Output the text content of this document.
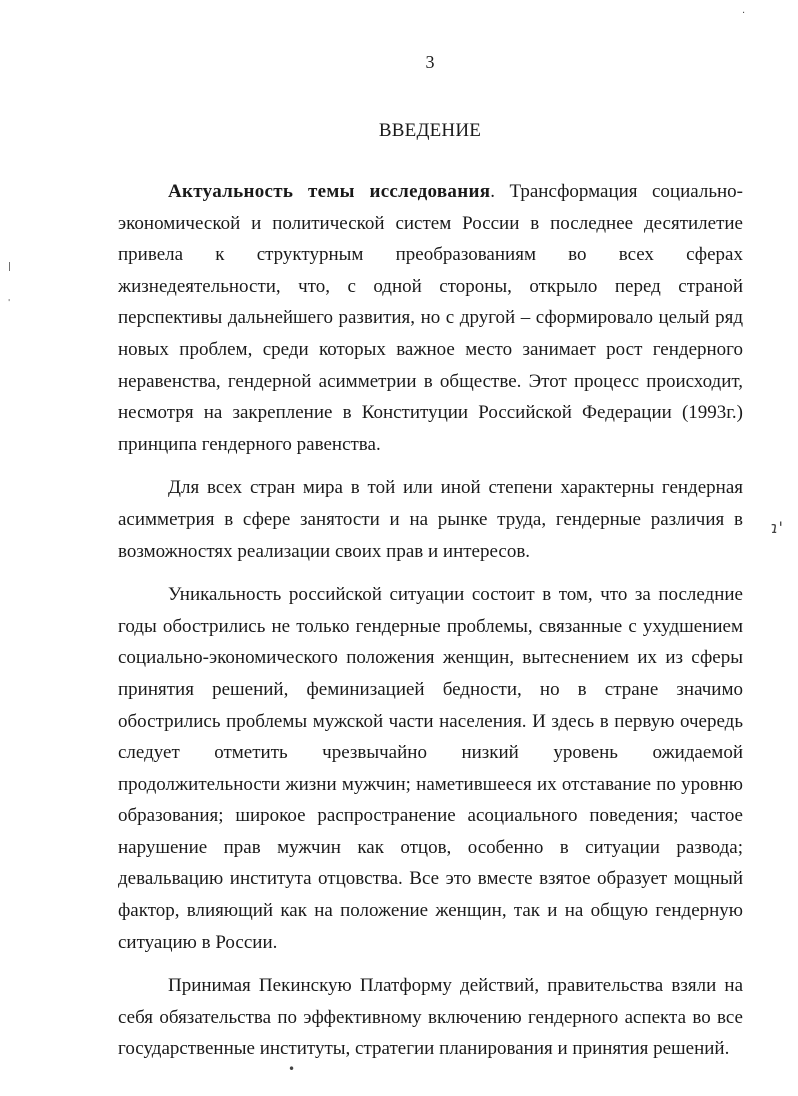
3
ВВЕДЕНИЕ

Актуальность темы исследования. Трансформация социально-экономической и политической систем России в последнее десятилетие привела к структурным преобразованиям во всех сферах жизнедеятельности, что, с одной стороны, открыло перед страной перспективы дальнейшего развития, но с другой – сформировало целый ряд новых проблем, среди которых важное место занимает рост гендерного неравенства, гендерной асимметрии в обществе. Этот процесс происходит, несмотря на закрепление в Конституции Российской Федерации (1993г.) принципа гендерного равенства.

Для всех стран мира в той или иной степени характерны гендерная асимметрия в сфере занятости и на рынке труда, гендерные различия в возможностях реализации своих прав и интересов.

Уникальность российской ситуации состоит в том, что за последние годы обострились не только гендерные проблемы, связанные с ухудшением социально-экономического положения женщин, вытеснением их из сферы принятия решений, феминизацией бедности, но в стране значимо обострились проблемы мужской части населения. И здесь в первую очередь следует отметить чрезвычайно низкий уровень ожидаемой продолжительности жизни мужчин; наметившееся их отставание по уровню образования; широкое распространение асоциального поведения; частое нарушение прав мужчин как отцов, особенно в ситуации развода; девальвацию института отцовства. Все это вместе взятое образует мощный фактор, влияющий как на положение женщин, так и на общую гендерную ситуацию в России.

Принимая Пекинскую Платформу действий, правительства взяли на себя обязательства по эффективному включению гендерного аспекта во все государственные институты, стратегии планирования и принятия решений.

·
|
'
ɿ'
•
